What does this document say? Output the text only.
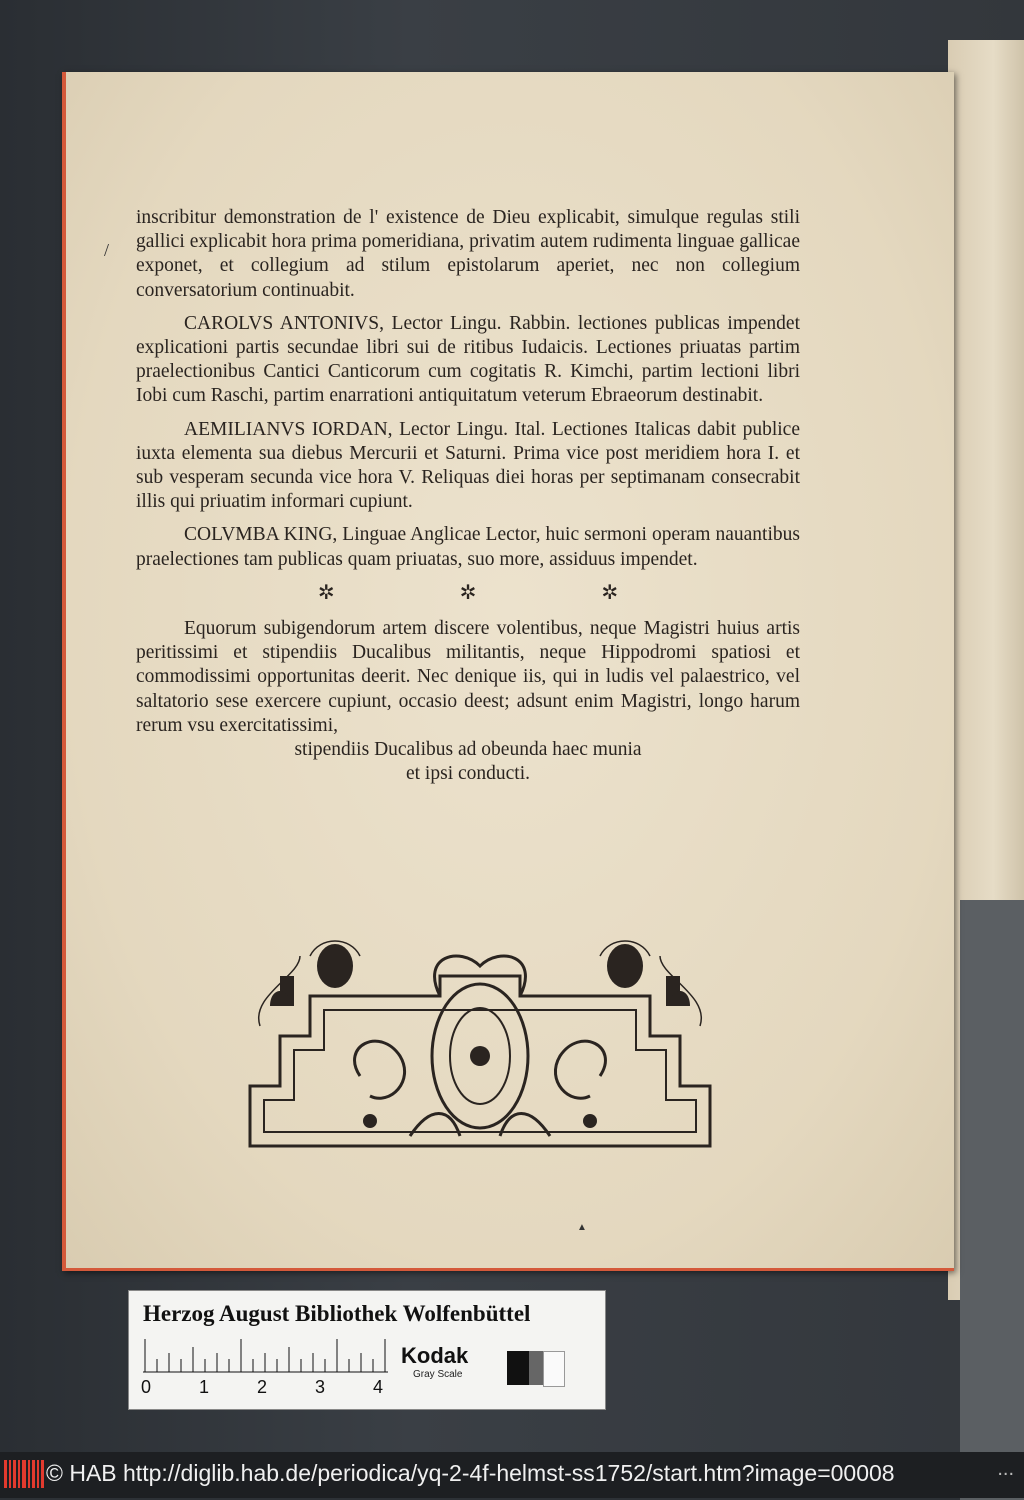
/

inscribitur demonstration de l' existence de Dieu explicabit, simulque regulas stili gallici explicabit hora prima pomeridiana, privatim autem rudimenta linguae gallicae exponet, et collegium ad stilum epistolarum aperiet, nec non collegium conversatorium continuabit.

CAROLVS ANTONIVS, Lector Lingu. Rabbin. lectiones publicas impendet explicationi partis secundae libri sui de ritibus Iudaicis. Lectiones priuatas partim praelectionibus Cantici Canticorum cum cogitatis R. Kimchi, partim lectioni libri Iobi cum Raschi, partim enarrationi antiquitatum veterum Ebraeorum destinabit.

AEMILIANVS IORDAN, Lector Lingu. Ital. Lectiones Italicas dabit publice iuxta elementa sua diebus Mercurii et Saturni. Prima vice post meridiem hora I. et sub vesperam secunda vice hora V. Reliquas diei horas per septimanam consecrabit illis qui priuatim informari cupiunt.

COLVMBA KING, Linguae Anglicae Lector, huic sermoni operam nauantibus praelectiones tam publicas quam priuatas, suo more, assiduus impendet.

✲ ✲ ✲

Equorum subigendorum artem discere volentibus, neque Magistri huius artis peritissimi et stipendiis Ducalibus militantis, neque Hippodromi spatiosi et commodissimi opportunitas deerit. Nec denique iis, qui in ludis vel palaestrico, vel saltatorio sese exercere cupiunt, occasio deest; adsunt enim Magistri, longo harum rerum vsu exercitatissimi,

stipendiis Ducalibus ad obeunda haec munia
et ipsi conducti.
▲
Herzog August Bibliothek Wolfenbüttel
0	1	2	3	4
Kodak
Gray Scale
© HAB http://diglib.hab.de/periodica/yq-2-4f-helmst-ss1752/start.htm?image=00008	...
